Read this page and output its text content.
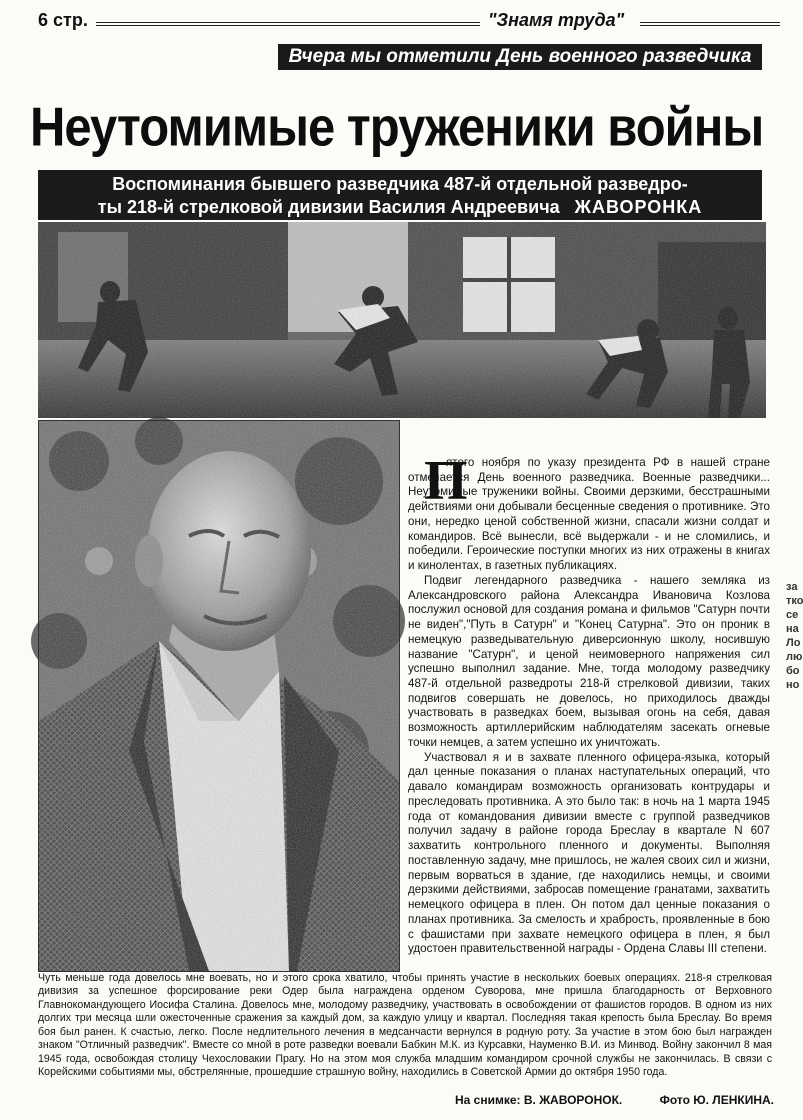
6 стр.	"Знамя труда"
Вчера мы отметили День военного разведчика
Неутомимые труженики войны
Воспоминания бывшего разведчика 487-й отдельной разведро-
ты 218-й стрелковой дивизии Василия Андреевича ЖАВОРОНКА
П

ятого ноября по указу президента РФ в нашей стране отмечается День военного разведчика. Военные разведчики... Неутомимые труженики войны. Своими дерзкими, бесстрашными действиями они добывали бесценные сведения о противнике. Это они, нередко ценой собственной жизни, спасали жизни солдат и командиров. Всё вынесли, всё выдержали - и не сломились, и победили. Героические поступки многих из них отражены в книгах и кинолентах, в газетных публикациях.

Подвиг легендарного разведчика - нашего земляка из Александровского района Александра Ивановича Козлова послужил основой для создания романа и фильмов "Сатурн почти не виден","Путь в Сатурн" и "Конец Сатурна". Это он проник в немецкую разведывательную диверсионную школу, носившую название "Сатурн", и ценой неимоверного напряжения сил успешно выполнил задание. Мне, тогда молодому разведчику 487-й отдельной разведроты 218-й стрелковой дивизии, таких подвигов совершать не довелось, но приходилось дважды участвовать в разведках боем, вызывая огонь на себя, давая возможность артиллерийским наблюдателям засекать огневые точки немцев, а затем успешно их уничтожать.

Участвовал я и в захвате пленного офицера-языка, который дал ценные показания о планах наступательных операций, что давало командирам возможность организовать контрудары и преследовать противника. А это было так: в ночь на 1 марта 1945 года от командования дивизии вместе с группой разведчиков получил задачу в районе города Бреслау в квартале N 607 захватить контрольного пленного и документы. Выполняя поставленную задачу, мне пришлось, не жалея своих сил и жизни, первым ворваться в здание, где находились немцы, и своими дерзкими действиями, забросав помещение гранатами, захватить немецкого офицера в плен. Он потом дал ценные показания о планах противника. За смелость и храбрость, проявленные в бою с фашистами при захвате немецкого офицера в плен, я был удостоен правительственной награды - Ордена Славы III степени.

Чуть меньше года довелось мне воевать, но и этого срока хватило, чтобы принять участие в нескольких боевых операциях. 218-я стрелковая дивизия за успешное форсирование реки Одер была награждена орденом Суворова, мне пришла благодарность от Верховного Главнокомандующего Иосифа Сталина. Довелось мне, молодому разведчику, участвовать в освобождении от фашистов городов. В одном из них долгих три месяца шли ожесточенные сражения за каждый дом, за каждую улицу и квартал. Последняя такая крепость была Бреслау. Во время боя был ранен. К счастью, легко. После недлительного лечения в медсанчасти вернулся в родную роту. За участие в этом бою был награжден знаком "Отличный разведчик". Вместе со мной в роте разведки воевали Бабкин М.К. из Курсавки, Науменко В.И. из Минвод. Войну закончил 8 мая 1945 года, освобождая столицу Чехословакии Прагу. Но на этом моя служба младшим командиром срочной службы не закончилась. В связи с Корейскими событиями мы, обстрелянные, прошедшие страшную войну, находились в Советской Армии до октября 1950 года.

На снимке: В. ЖАВОРОНОК.	Фото Ю. ЛЕНКИНА.
за
тко
се
на
Ло
лю
бо
но
